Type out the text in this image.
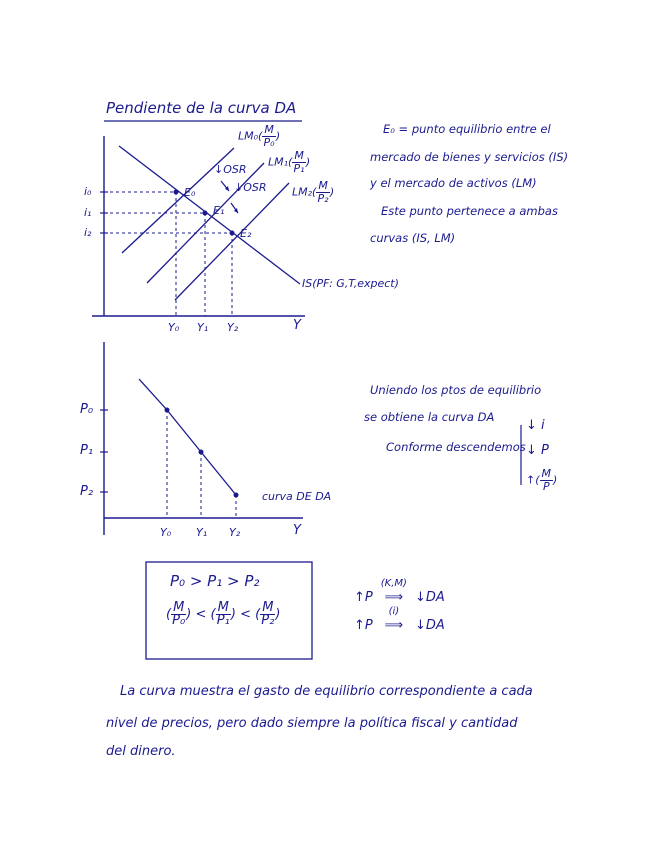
Pendiente de la curva DA
$LM_0( \frac{M}{\text{P₀}}$ )
$LM_1( \frac{M}{\text{P₁}}$ )
$LM_2( \frac{M}{\text{P₂}}$ )
↓OSR
↓OSR
E₀
E₁
E₂
i₀
i₁
i₂
IS(PF: G,T,expect)
Y₀ Y₁ Y₂	Y
E₀ = punto equilibrio entre el
mercado de bienes y servicios (IS)
y el mercado de activos (LM)
Este punto pertenece a ambas
curvas (IS, LM)
P₀
P₁
P₂	curva DE DA
Y₀ Y₁ Y₂	Y
Uniendo los ptos de equilibrio
se obtiene la curva DA
Conforme descendemos
↓ i
↓ P
↑( $\frac{M}{P}$ )
P₀ > P₁ > P₂
( $\frac{M}{\text{P₀}}$ ) < ( $\frac{M}{\text{P₁}}$ ) < ( $\frac{M}{\text{P₂}}$ )
↑P
(K,M)
⟹ ↓DA
↑P
(i)
⟹ ↓DA
La curva muestra el gasto de equilibrio correspondiente a cada
nivel de precios, pero dado siempre la política fiscal y cantidad
del dinero.
